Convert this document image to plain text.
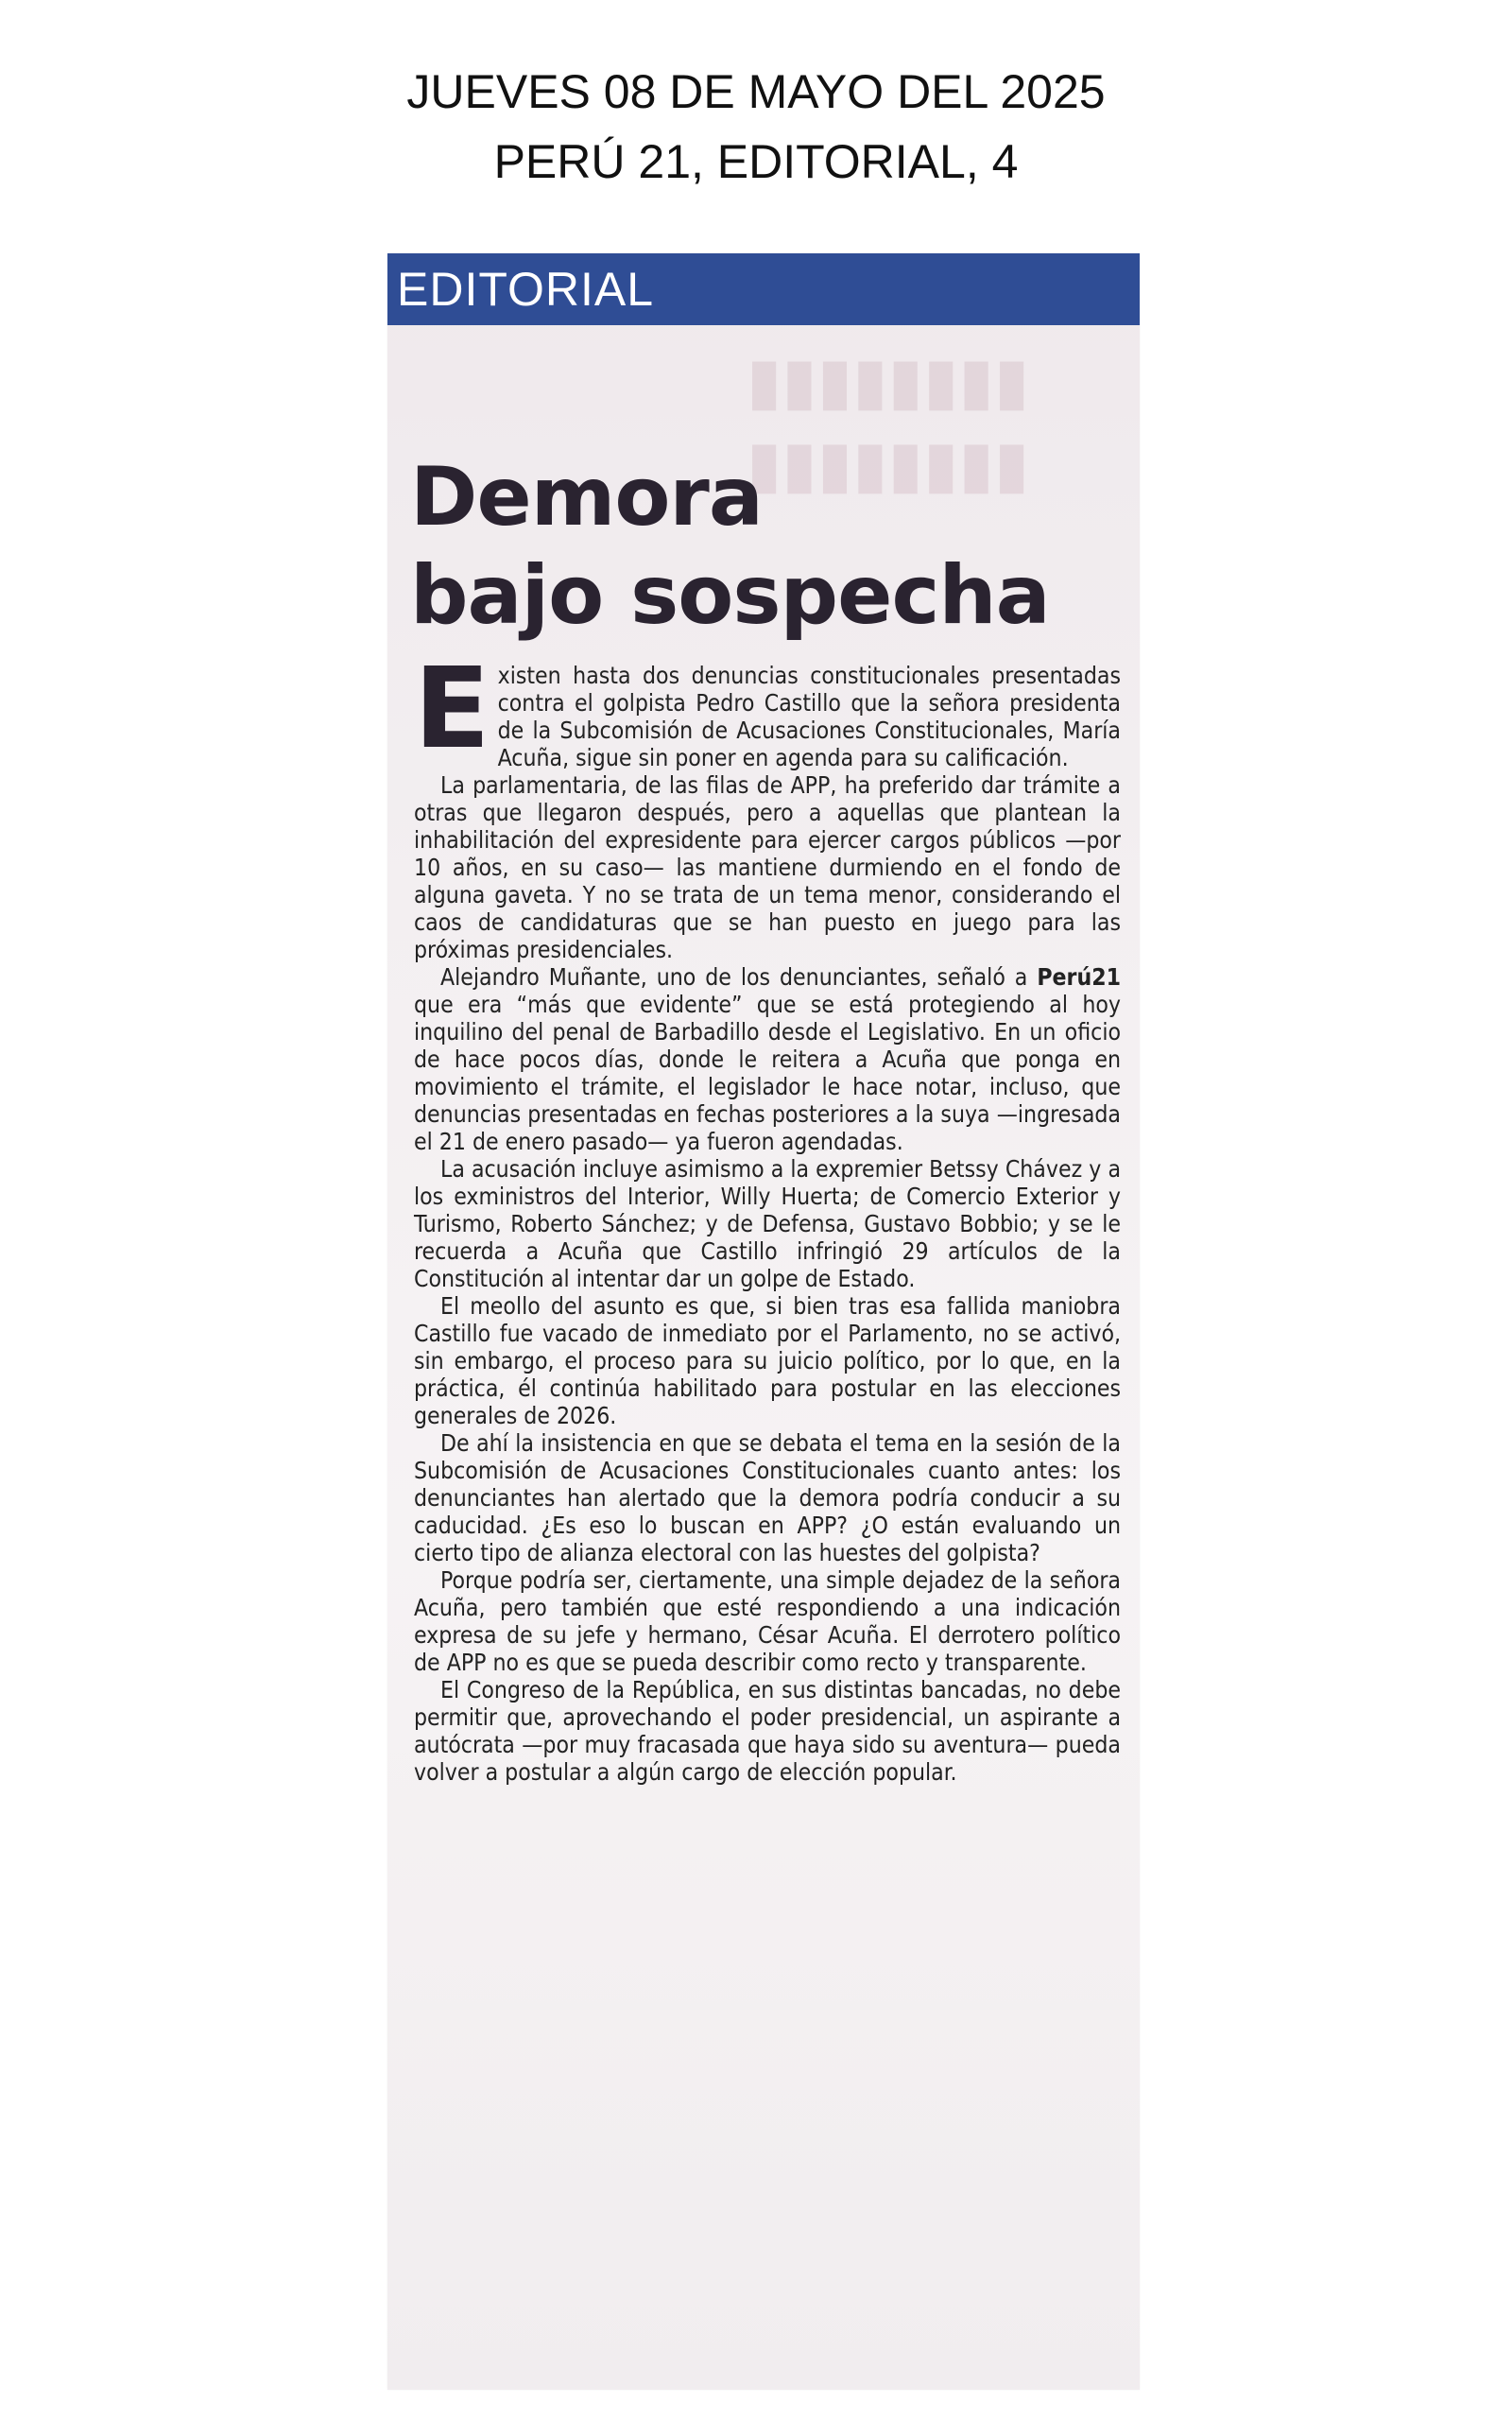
JUEVES 08 DE MAYO DEL 2025
PERÚ 21, EDITORIAL, 4
EDITORIAL
▮▮▮▮▮▮▮▮
▮▮▮▮▮▮▮▮
Demora
bajo sospecha

Existen hasta dos denuncias constitucionales presentadas contra el golpista Pedro Castillo que la señora presidenta de la Subcomisión de Acusaciones Constitucionales, María Acuña, sigue sin poner en agenda para su calificación.

La parlamentaria, de las filas de APP, ha preferido dar trámite a otras que llegaron después, pero a aquellas que plantean la inhabilitación del expresidente para ejercer cargos públicos —por 10 años, en su caso— las mantiene durmiendo en el fondo de alguna gaveta. Y no se trata de un tema menor, considerando el caos de candidaturas que se han puesto en juego para las próximas presidenciales.

Alejandro Muñante, uno de los denunciantes, señaló a Perú21 que era “más que evidente” que se está protegiendo al hoy inquilino del penal de Barbadillo desde el Legislativo. En un oficio de hace pocos días, donde le reitera a Acuña que ponga en movimiento el trámite, el legislador le hace notar, incluso, que denuncias presentadas en fechas posteriores a la suya —ingresada el 21 de enero pasado— ya fueron agendadas.

La acusación incluye asimismo a la expremier Betssy Chávez y a los exministros del Interior, Willy Huerta; de Comercio Exterior y Turismo, Roberto Sánchez; y de Defensa, Gustavo Bobbio; y se le recuerda a Acuña que Castillo infringió 29 artículos de la Constitución al intentar dar un golpe de Estado.

El meollo del asunto es que, si bien tras esa fallida maniobra Castillo fue vacado de inmediato por el Parlamento, no se activó, sin embargo, el proceso para su juicio político, por lo que, en la práctica, él continúa habilitado para postular en las elecciones generales de 2026.

De ahí la insistencia en que se debata el tema en la sesión de la Subcomisión de Acusaciones Constitucionales cuanto antes: los denunciantes han alertado que la demora podría conducir a su caducidad. ¿Es eso lo buscan en APP? ¿O están evaluando un cierto tipo de alianza electoral con las huestes del golpista?

Porque podría ser, ciertamente, una simple dejadez de la señora Acuña, pero también que esté respondiendo a una indicación expresa de su jefe y hermano, César Acuña. El derrotero político de APP no es que se pueda describir como recto y transparente.

El Congreso de la República, en sus distintas bancadas, no debe permitir que, aprovechando el poder presidencial, un aspirante a autócrata —por muy fracasada que haya sido su aventura— pueda volver a postular a algún cargo de elección popular.
